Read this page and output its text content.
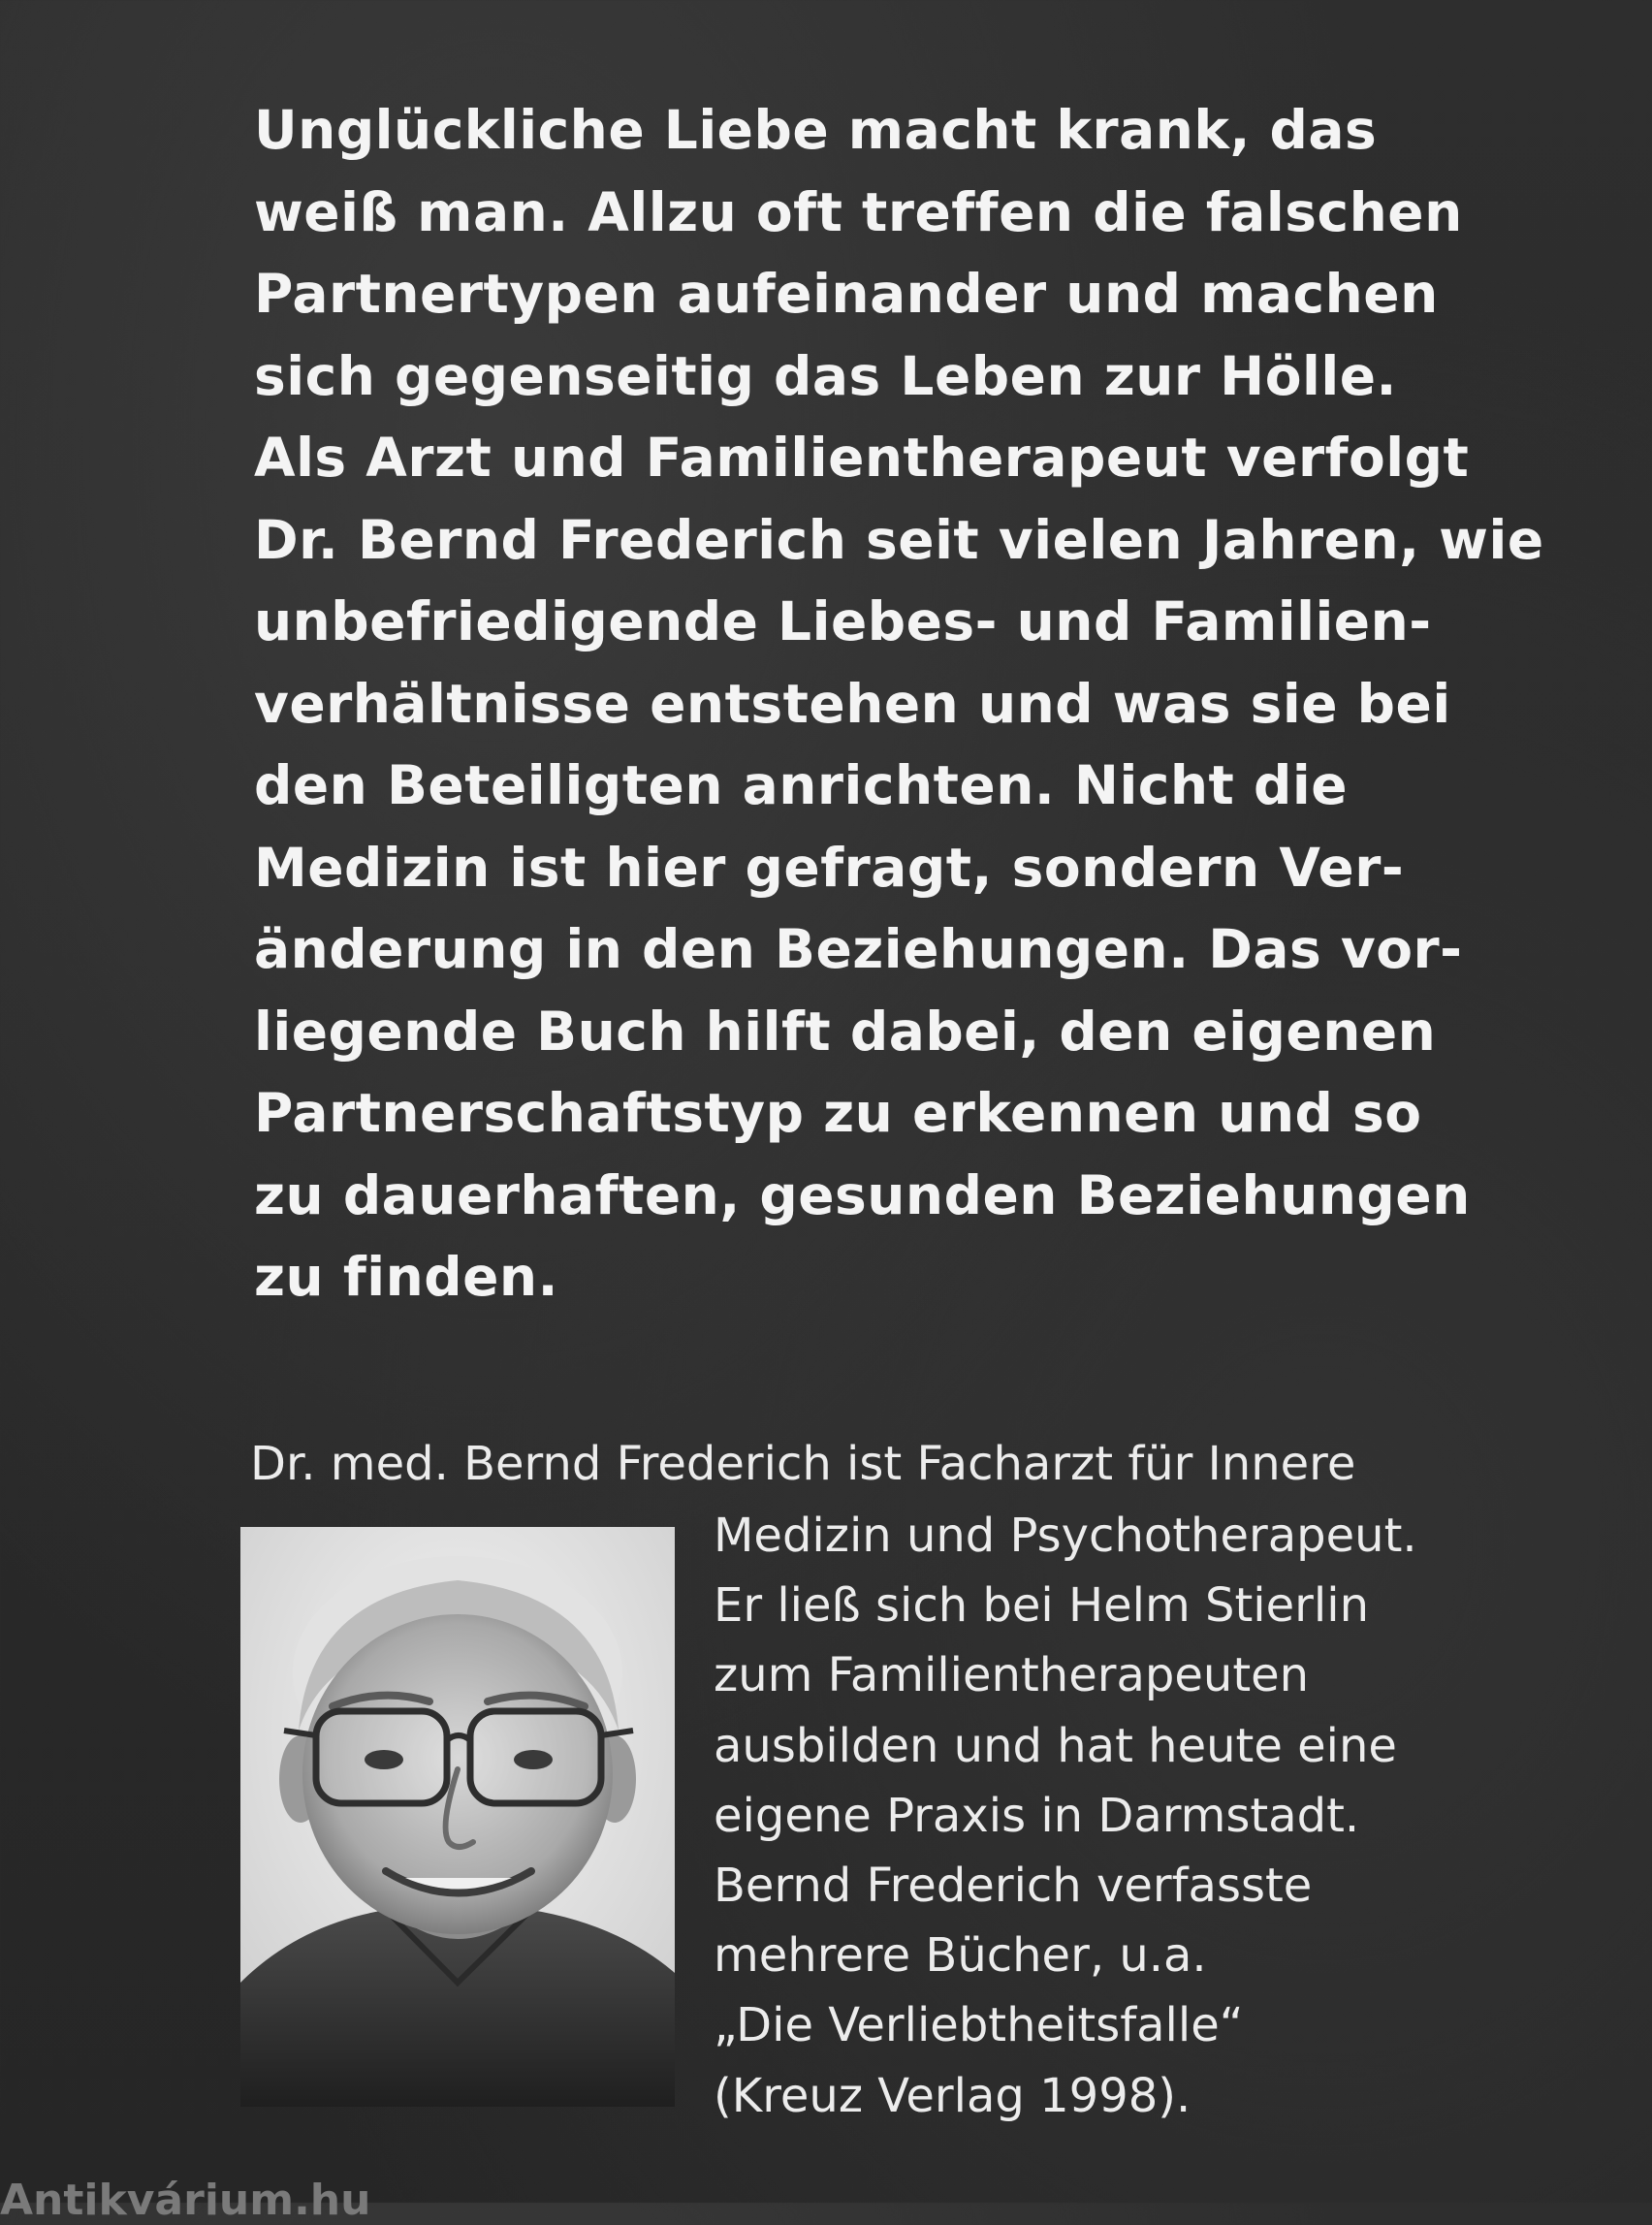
Unglückliche Liebe macht krank, das
weiß man. Allzu oft treffen die falschen
Partnertypen aufeinander und machen
sich gegenseitig das Leben zur Hölle.
Als Arzt und Familientherapeut verfolgt
Dr. Bernd Frederich seit vielen Jahren, wie
unbefriedigende Liebes- und Familien-
verhältnisse entstehen und was sie bei
den Beteiligten anrichten. Nicht die
Medizin ist hier gefragt, sondern Ver-
änderung in den Beziehungen. Das vor-
liegende Buch hilft dabei, den eigenen
Partnerschaftstyp zu erkennen und so
zu dauerhaften, gesunden Beziehungen
zu finden.
Dr. med. Bernd Frederich ist Facharzt für Innere
Medizin und Psychotherapeut.
Er ließ sich bei Helm Stierlin
zum Familientherapeuten
ausbilden und hat heute eine
eigene Praxis in Darmstadt.
Bernd Frederich verfasste
mehrere Bücher, u.a.
„Die Verliebtheitsfalle“
(Kreuz Verlag 1998).
Antikvárium.hu
